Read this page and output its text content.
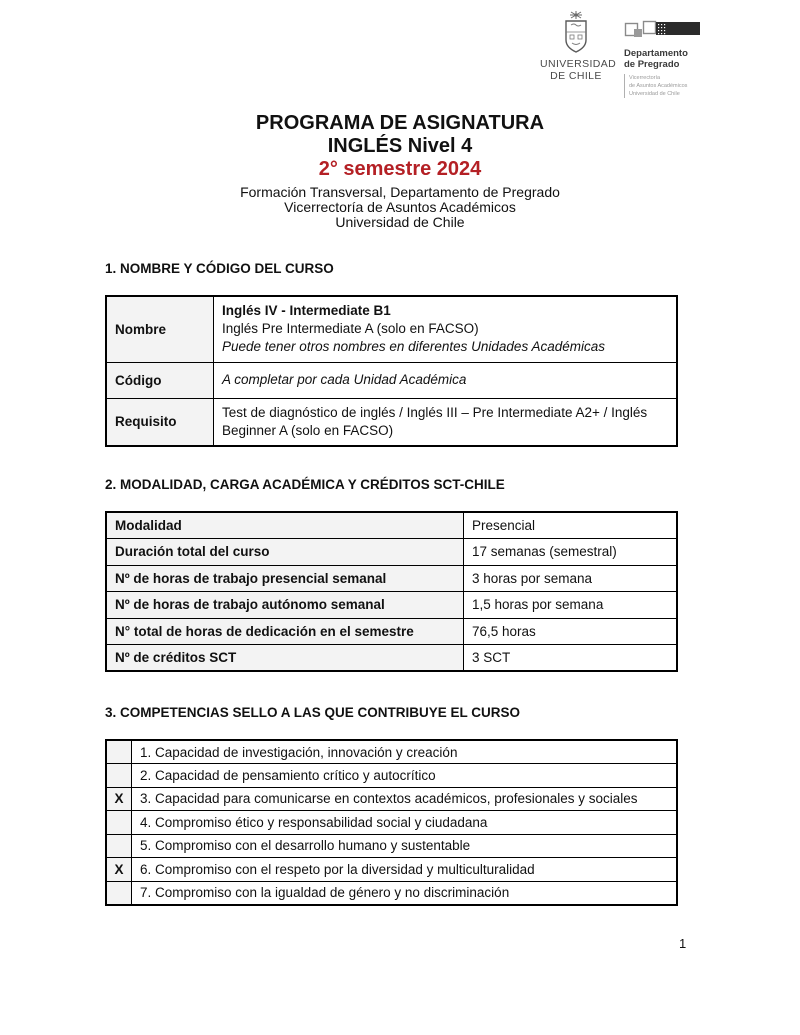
UNIVERSIDAD
DE CHILE
Departamento
de Pregrado
Vicerrectoría
de Asuntos Académicos
Universidad de Chile
PROGRAMA DE ASIGNATURA
INGLÉS Nivel 4
2° semestre 2024
Formación Transversal, Departamento de Pregrado
Vicerrectoría de Asuntos Académicos
Universidad de Chile
1. NOMBRE Y CÓDIGO DEL CURSO
Nombre	Inglés IV - Intermediate B1
Inglés Pre Intermediate A (solo en FACSO)
Puede tener otros nombres en diferentes Unidades Académicas

Código	A completar por cada Unidad Académica
Requisito	Test de diagnóstico de inglés / Inglés III – Pre Intermediate A2+ / Inglés Beginner A (solo en FACSO)
2. MODALIDAD, CARGA ACADÉMICA Y CRÉDITOS SCT-CHILE
Modalidad	Presencial
Duración total del curso	17 semanas (semestral)
Nº de horas de trabajo presencial semanal	3 horas por semana
Nº de horas de trabajo autónomo semanal	1,5 horas por semana
N° total de horas de dedicación en el semestre	76,5 horas
Nº de créditos SCT	3 SCT
3. COMPETENCIAS SELLO A LAS QUE CONTRIBUYE EL CURSO
	1. Capacidad de investigación, innovación y creación
	2. Capacidad de pensamiento crítico y autocrítico
X	3. Capacidad para comunicarse en contextos académicos, profesionales y sociales
	4. Compromiso ético y responsabilidad social y ciudadana
	5. Compromiso con el desarrollo humano y sustentable
X	6. Compromiso con el respeto por la diversidad y multiculturalidad
	7. Compromiso con la igualdad de género y no discriminación
1
